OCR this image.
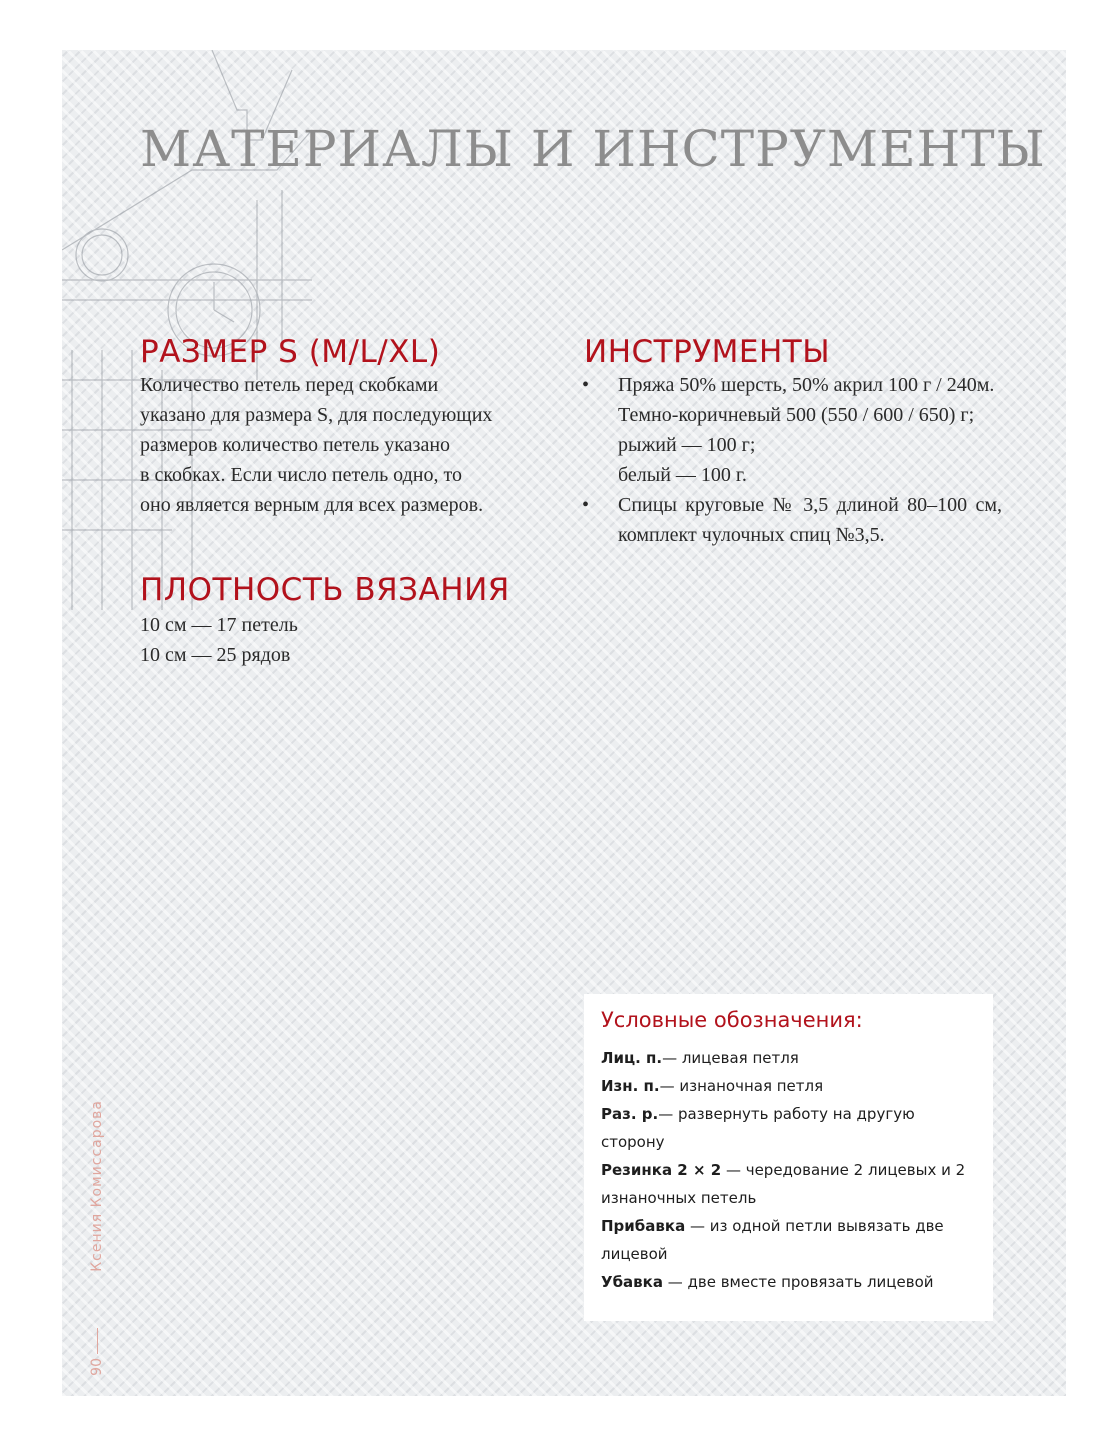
МАТЕРИАЛЫ И ИНСТРУМЕНТЫ
РАЗМЕР S (M/L/XL)

Количество петель перед скобками

указано для размера S, для последующих

размеров количество петель указано

в скобках. Если число петель одно, то

оно является верным для всех размеров.

ПЛОТНОСТЬ ВЯЗАНИЯ

10 см — 17 петель

10 см — 25 рядов

ИНСТРУМЕНТЫ
• Пряжа 50% шерсть, 50% акрил 100 г / 240м.

Темно-коричневый 500 (550 / 600 / 650) г;

рыжий — 100 г;

белый — 100 г.

• Спицы круговые № 3,5 длиной 80–100 см, комплект чулочных спиц №3,5.

Условные обозначения:

Лиц. п.— лицевая петля

Изн. п.— изнаночная петля

Раз. р.— развернуть работу на другую сторону

Резинка 2 × 2 — чередование 2 лицевых и 2 изнаночных петель

Прибавка — из одной петли вывязать две лицевой

Убавка — две вместе провязать лицевой

Ксения Комиссарова
90
